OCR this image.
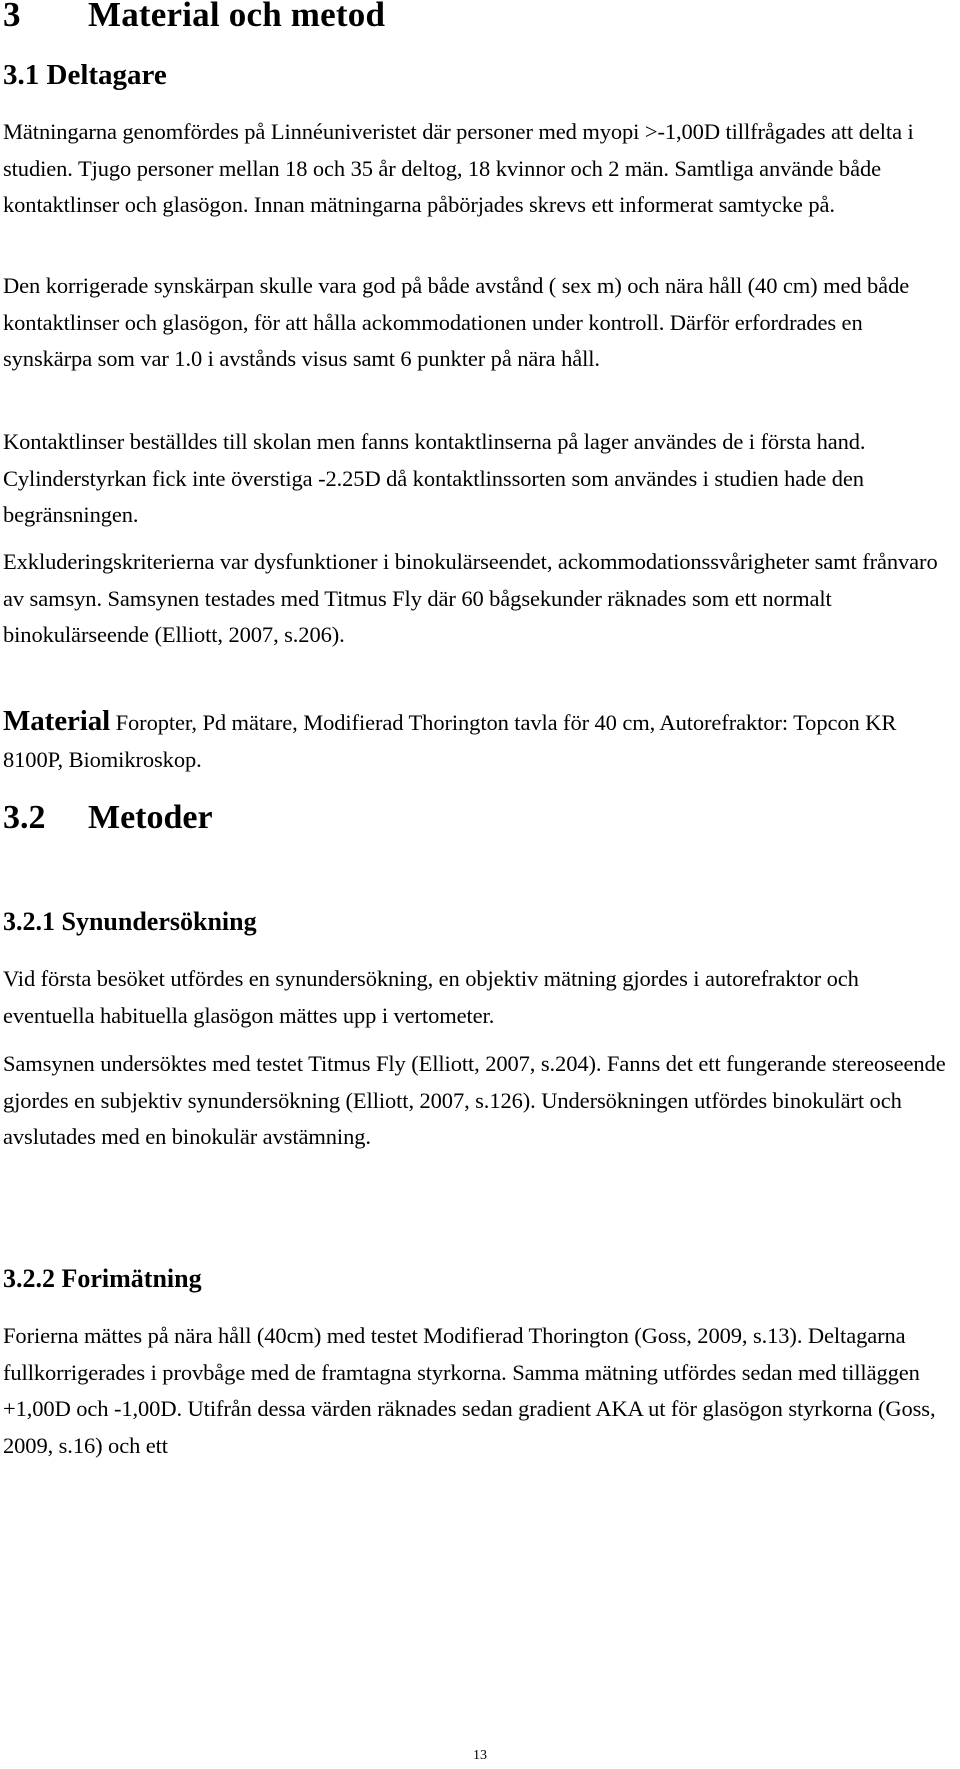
3 Material och metod
3.1 Deltagare

Mätningarna genomfördes på Linnéuniveristet där personer med myopi >-1,00D tillfrågades att delta i studien. Tjugo personer mellan 18 och 35 år deltog, 18 kvinnor och 2 män. Samtliga använde både kontaktlinser och glasögon. Innan mätningarna påbörjades skrevs ett informerat samtycke på.

Den korrigerade synskärpan skulle vara god på både avstånd ( sex m) och nära håll (40 cm) med både kontaktlinser och glasögon, för att hålla ackommodationen under kontroll. Därför erfordrades en synskärpa som var 1.0 i avstånds visus samt 6 punkter på nära håll.

Kontaktlinser beställdes till skolan men fanns kontaktlinserna på lager användes de i första hand. Cylinderstyrkan fick inte överstiga -2.25D då kontaktlinssorten som användes i studien hade den begränsningen.

Exkluderingskriterierna var dysfunktioner i binokulärseendet, ackommodationssvårigheter samt frånvaro av samsyn. Samsynen testades med Titmus Fly där 60 bågsekunder räknades som ett normalt binokulärseende (Elliott, 2007, s.206).

Material Foropter, Pd mätare, Modifierad Thorington tavla för 40 cm, Autorefraktor: Topcon KR 8100P, Biomikroskop.

3.2 Metoder
3.2.1 Synundersökning

Vid första besöket utfördes en synundersökning, en objektiv mätning gjordes i autorefraktor och eventuella habituella glasögon mättes upp i vertometer.

Samsynen undersöktes med testet Titmus Fly (Elliott, 2007, s.204). Fanns det ett fungerande stereoseende gjordes en subjektiv synundersökning (Elliott, 2007, s.126). Undersökningen utfördes binokulärt och avslutades med en binokulär avstämning.

3.2.2 Forimätning

Forierna mättes på nära håll (40cm) med testet Modifierad Thorington (Goss, 2009, s.13). Deltagarna fullkorrigerades i provbåge med de framtagna styrkorna. Samma mätning utfördes sedan med tilläggen +1,00D och -1,00D. Utifrån dessa värden räknades sedan gradient AKA ut för glasögon styrkorna (Goss, 2009, s.16) och ett

13
